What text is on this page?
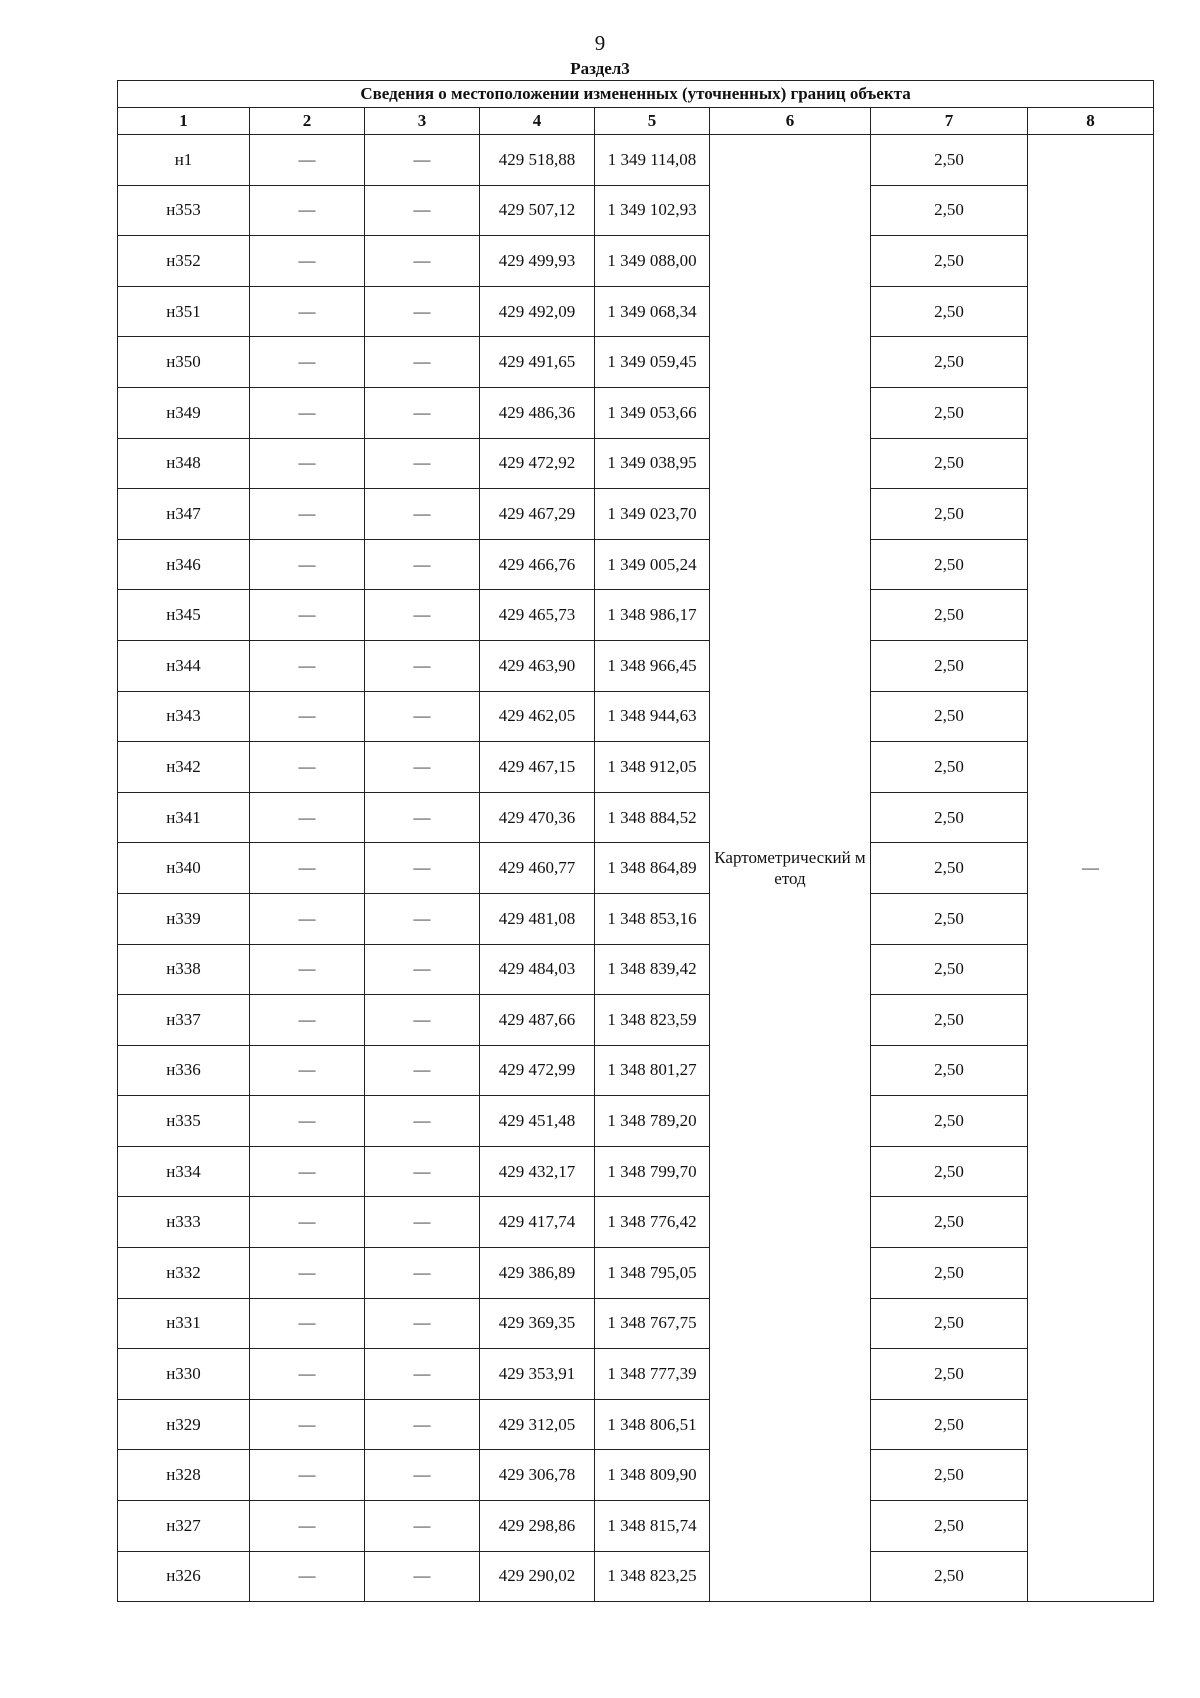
9
Раздел3
Сведения о местоположении измененных (уточненных) границ объекта							
1	2	3	4	5	6	7	8
н1	—	—	429 518,88	1 349 114,08	Картометрический метод	2,50	—
н353	—	—	429 507,12	1 349 102,93		2,50	
н352	—	—	429 499,93	1 349 088,00		2,50	
н351	—	—	429 492,09	1 349 068,34		2,50	
н350	—	—	429 491,65	1 349 059,45		2,50	
н349	—	—	429 486,36	1 349 053,66		2,50	
н348	—	—	429 472,92	1 349 038,95		2,50	
н347	—	—	429 467,29	1 349 023,70		2,50	
н346	—	—	429 466,76	1 349 005,24		2,50	
н345	—	—	429 465,73	1 348 986,17		2,50	
н344	—	—	429 463,90	1 348 966,45		2,50	
н343	—	—	429 462,05	1 348 944,63		2,50	
н342	—	—	429 467,15	1 348 912,05		2,50	
н341	—	—	429 470,36	1 348 884,52		2,50	
н340	—	—	429 460,77	1 348 864,89		2,50	
н339	—	—	429 481,08	1 348 853,16		2,50	
н338	—	—	429 484,03	1 348 839,42		2,50	
н337	—	—	429 487,66	1 348 823,59		2,50	
н336	—	—	429 472,99	1 348 801,27		2,50	
н335	—	—	429 451,48	1 348 789,20		2,50	
н334	—	—	429 432,17	1 348 799,70		2,50	
н333	—	—	429 417,74	1 348 776,42		2,50	
н332	—	—	429 386,89	1 348 795,05		2,50	
н331	—	—	429 369,35	1 348 767,75		2,50	
н330	—	—	429 353,91	1 348 777,39		2,50	
н329	—	—	429 312,05	1 348 806,51		2,50	
н328	—	—	429 306,78	1 348 809,90		2,50	
н327	—	—	429 298,86	1 348 815,74		2,50	
н326	—	—	429 290,02	1 348 823,25		2,50	
